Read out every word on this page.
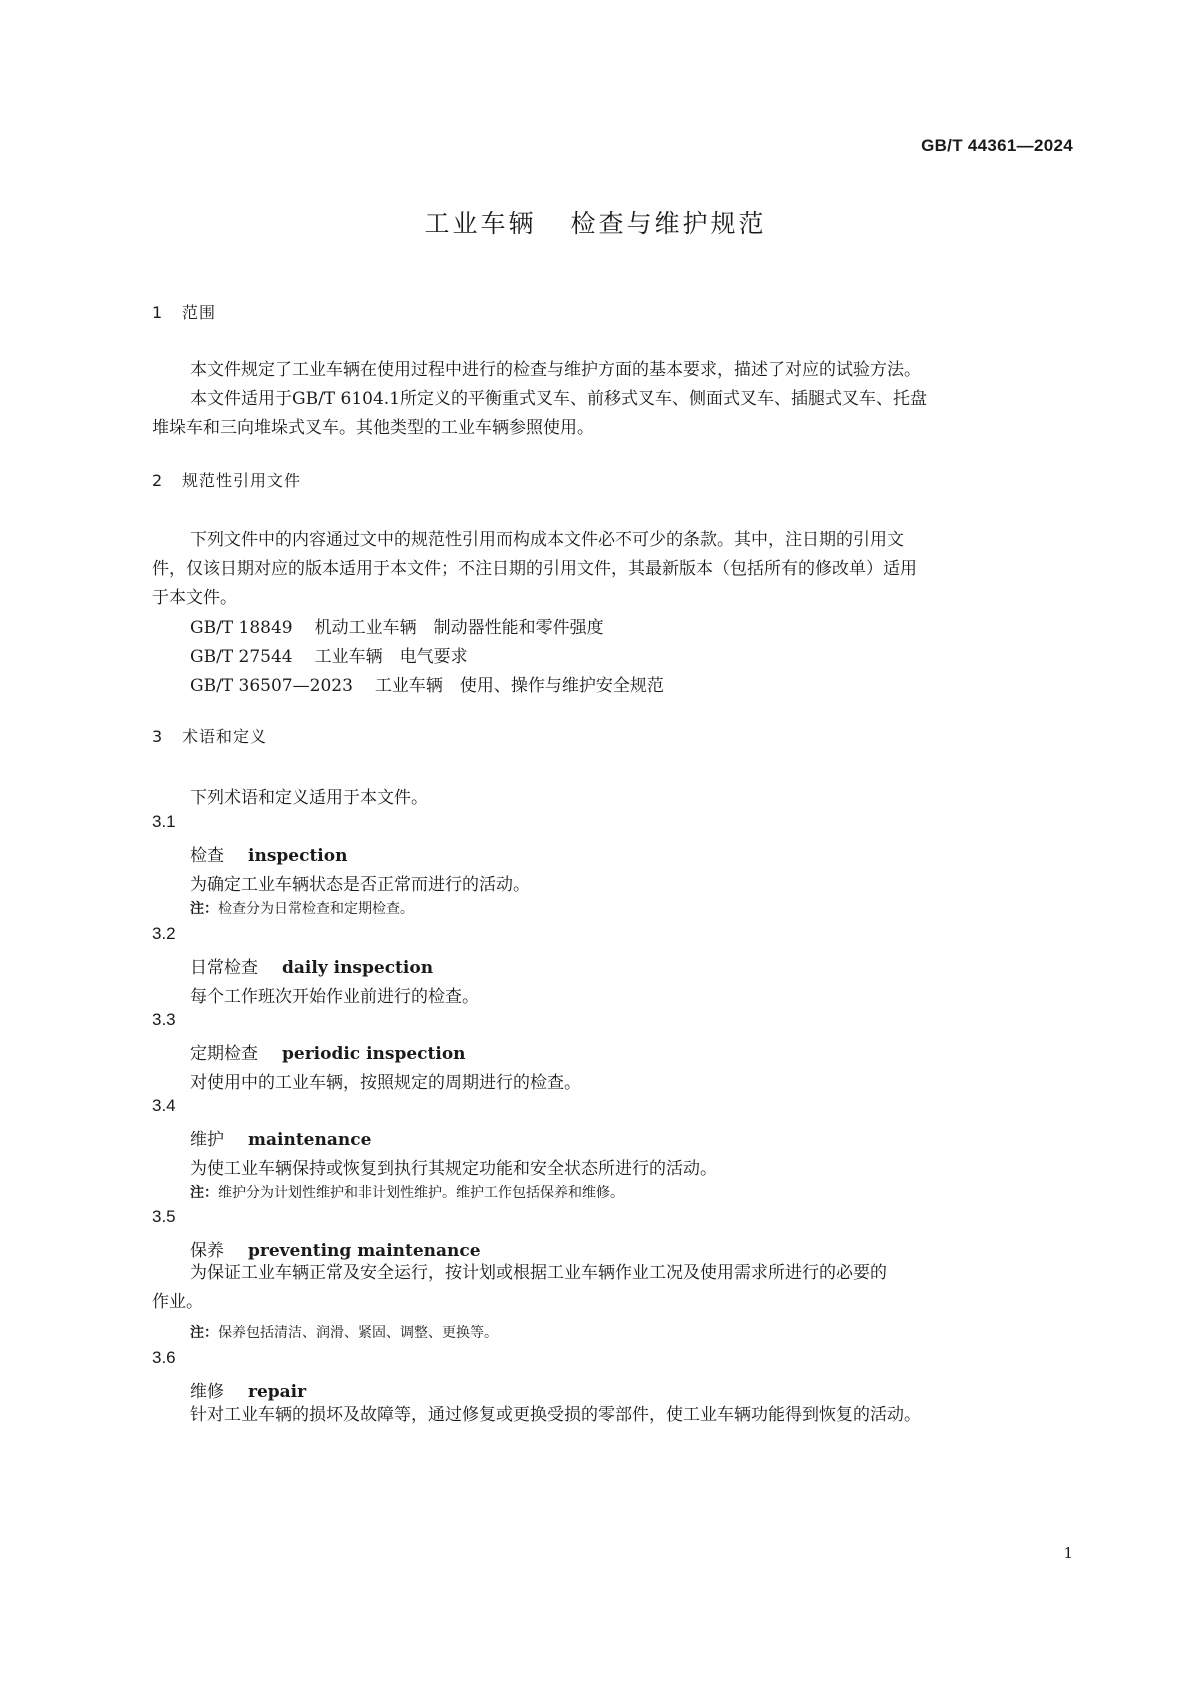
GB/T 44361—2024
工业车辆 检查与维护规范
1 范围
本文件规定了工业车辆在使用过程中进行的检查与维护方面的基本要求，描述了对应的试验方法。
本文件适用于GB/T 6104.1所定义的平衡重式叉车、前移式叉车、侧面式叉车、插腿式叉车、托盘
堆垛车和三向堆垛式叉车。其他类型的工业车辆参照使用。
2 规范性引用文件
下列文件中的内容通过文中的规范性引用而构成本文件必不可少的条款。其中，注日期的引用文
件，仅该日期对应的版本适用于本文件；不注日期的引用文件，其最新版本（包括所有的修改单）适用
于本文件。
GB/T 18849 机动工业车辆　制动器性能和零件强度
GB/T 27544 工业车辆　电气要求
GB/T 36507—2023 工业车辆　使用、操作与维护安全规范
3 术语和定义
下列术语和定义适用于本文件。
3.1
检查 inspection
为确定工业车辆状态是否正常而进行的活动。
注：检查分为日常检查和定期检查。
3.2
日常检查 daily inspection
每个工作班次开始作业前进行的检查。
3.3
定期检查 periodic inspection
对使用中的工业车辆，按照规定的周期进行的检查。
3.4
维护 maintenance
为使工业车辆保持或恢复到执行其规定功能和安全状态所进行的活动。
注：维护分为计划性维护和非计划性维护。维护工作包括保养和维修。
3.5
保养 preventing maintenance
为保证工业车辆正常及安全运行，按计划或根据工业车辆作业工况及使用需求所进行的必要的
作业。
注：保养包括清洁、润滑、紧固、调整、更换等。
3.6
维修 repair
针对工业车辆的损坏及故障等，通过修复或更换受损的零部件，使工业车辆功能得到恢复的活动。
1
